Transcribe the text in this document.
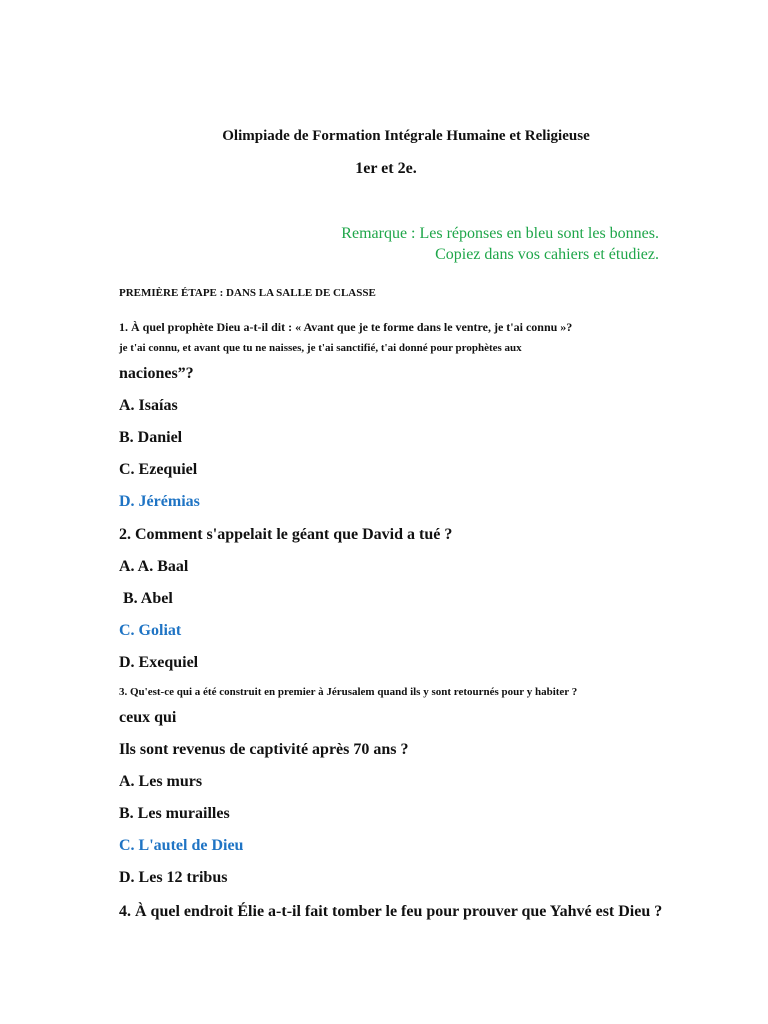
Olimpiade de Formation Intégrale Humaine et Religieuse
1er et 2e.
Remarque : Les réponses en bleu sont les bonnes.
Copiez dans vos cahiers et étudiez.
PREMIÈRE ÉTAPE : DANS LA SALLE DE CLASSE
1. À quel prophète Dieu a-t-il dit : « Avant que je te forme dans le ventre, je t'ai connu »?
je t'ai connu, et avant que tu ne naisses, je t'ai sanctifié, t'ai donné pour prophètes aux
naciones”?
A. Isaías
B. Daniel
C. Ezequiel
D. Jérémias
2. Comment s'appelait le géant que David a tué ?
A. A. Baal
B. Abel
C. Goliat
D. Exequiel
3. Qu'est-ce qui a été construit en premier à Jérusalem quand ils y sont retournés pour y habiter ?
ceux qui
Ils sont revenus de captivité après 70 ans ?
A. Les murs
B. Les murailles
C. L'autel de Dieu
D. Les 12 tribus
4. À quel endroit Élie a-t-il fait tomber le feu pour prouver que Yahvé est Dieu ?
